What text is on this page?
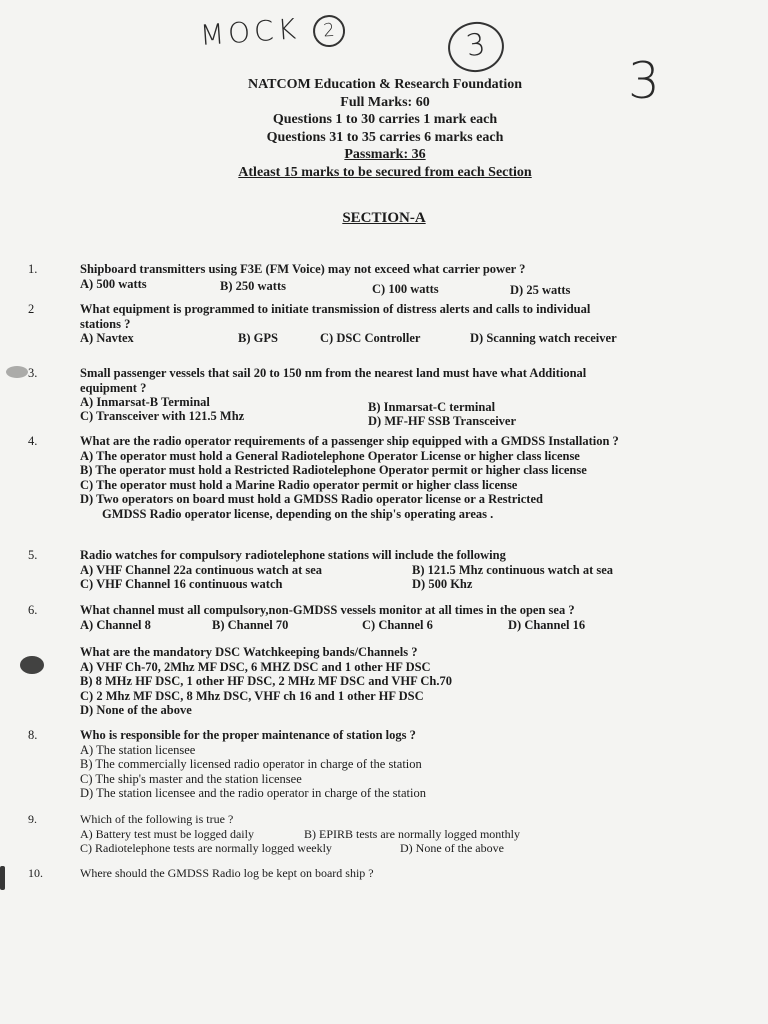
MOCK 2	3
3
NATCOM Education & Research Foundation
Full Marks: 60
Questions 1 to 30 carries 1 mark each
Questions 31 to 35 carries 6 marks each
Passmark: 36
Atleast 15 marks to be secured from each Section
SECTION-A
1.	Shipboard transmitters using F3E (FM Voice) may not exceed what carrier power ?
A) 500 watts	B) 250 watts	C) 100 watts	D) 25 watts
2	What equipment is programmed to initiate transmission of distress alerts and calls to individual stations ?
A) Navtex	B) GPS	C) DSC Controller	D) Scanning watch receiver
3.	Small passenger vessels that sail 20 to 150 nm from the nearest land must have what Additional equipment ?
A) Inmarsat-B Terminal	B) Inmarsat-C terminal
C) Transceiver with 121.5 Mhz	D) MF-HF SSB Transceiver
4.	What are the radio operator requirements of a passenger ship equipped with a GMDSS Installation ?
A) The operator must hold a General Radiotelephone Operator License or higher class license
B) The operator must hold a Restricted Radiotelephone Operator permit or higher class license
C) The operator must hold a Marine Radio operator permit or higher class license
D) Two operators on board must hold a GMDSS Radio operator license or a Restricted
GMDSS Radio operator license, depending on the ship's operating areas .
5.	Radio watches for compulsory radiotelephone stations will include the following
A) VHF Channel 22a continuous watch at sea	B) 121.5 Mhz continuous watch at sea
C) VHF Channel 16 continuous watch	D) 500 Khz
6.	What channel must all compulsory,non-GMDSS vessels monitor at all times in the open sea ?
A) Channel 8	B) Channel 70	C) Channel 6	D) Channel 16
What are the mandatory DSC Watchkeeping bands/Channels ?
A) VHF Ch-70, 2Mhz MF DSC, 6 MHZ DSC and 1 other HF DSC
B) 8 MHz HF DSC, 1 other HF DSC, 2 MHz MF DSC and VHF Ch.70
C) 2 Mhz MF DSC, 8 Mhz DSC, VHF ch 16 and 1 other HF DSC
D) None of the above
8.	Who is responsible for the proper maintenance of station logs ?
A) The station licensee
B) The commercially licensed radio operator in charge of the station
C) The ship's master and the station licensee
D) The station licensee and the radio operator in charge of the station
9.	Which of the following is true ?
A) Battery test must be logged daily	B) EPIRB tests are normally logged monthly
C) Radiotelephone tests are normally logged weekly	D) None of the above
10.	Where should the GMDSS Radio log be kept on board ship ?
